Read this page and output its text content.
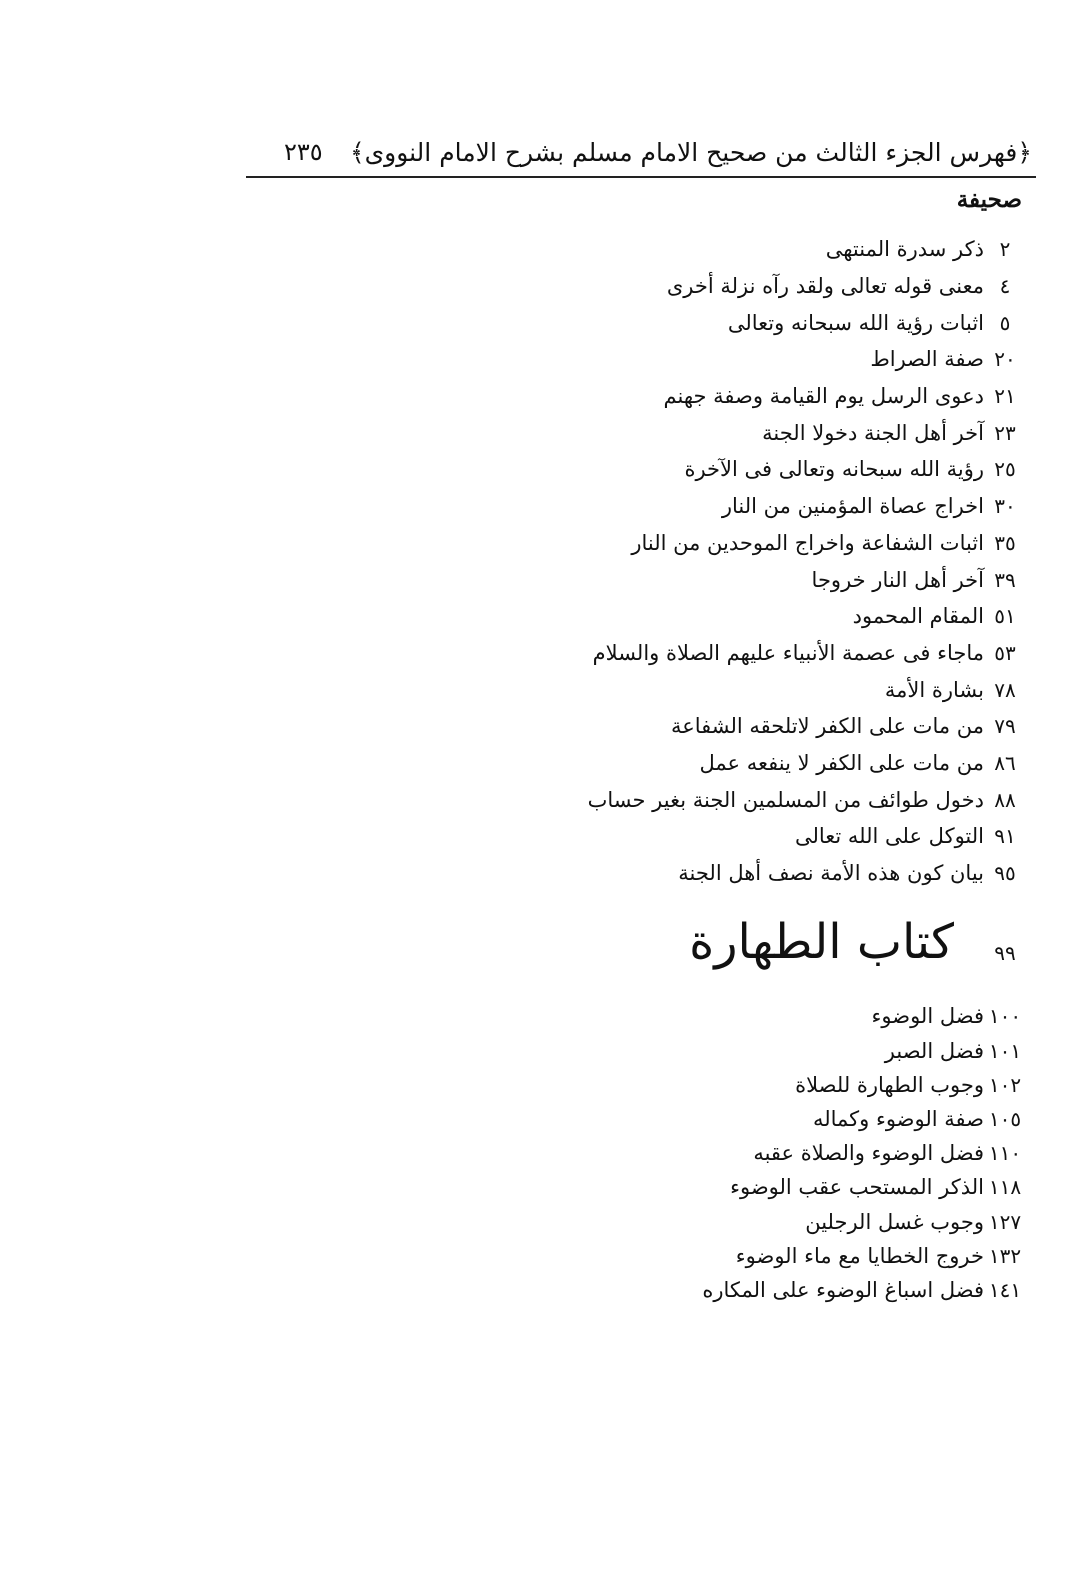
﴿فهرس الجزء الثالث من صحيح الامام مسلم بشرح الامام النووى﴾
٢٣٥
صحيفة
٢
ذكر سدرة المنتهى
٤
معنى قوله تعالى ولقد رآه نزلة أخرى
٥
اثبات رؤية الله سبحانه وتعالى
٢٠
صفة الصراط
٢١
دعوى الرسل يوم القيامة وصفة جهنم
٢٣
آخر أهل الجنة دخولا الجنة
٢٥
رؤية الله سبحانه وتعالى فى الآخرة
٣٠
اخراج عصاة المؤمنين من النار
٣٥
اثبات الشفاعة واخراج الموحدين من النار
٣٩
آخر أهل النار خروجا
٥١
المقام المحمود
٥٣
ماجاء فى عصمة الأنبياء عليهم الصلاة والسلام
٧٨
بشارة الأمة
٧٩
من مات على الكفر لاتلحقه الشفاعة
٨٦
من مات على الكفر لا ينفعه عمل
٨٨
دخول طوائف من المسلمين الجنة بغير حساب
٩١
التوكل على الله تعالى
٩٥
بيان كون هذه الأمة نصف أهل الجنة
٩٩
كتاب الطهارة
١٠٠
فضل الوضوء
١٠١
فضل الصبر
١٠٢
وجوب الطهارة للصلاة
١٠٥
صفة الوضوء وكماله
١١٠
فضل الوضوء والصلاة عقبه
١١٨
الذكر المستحب عقب الوضوء
١٢٧
وجوب غسل الرجلين
١٣٢
خروج الخطايا مع ماء الوضوء
١٤١
فضل اسباغ الوضوء على المكاره
